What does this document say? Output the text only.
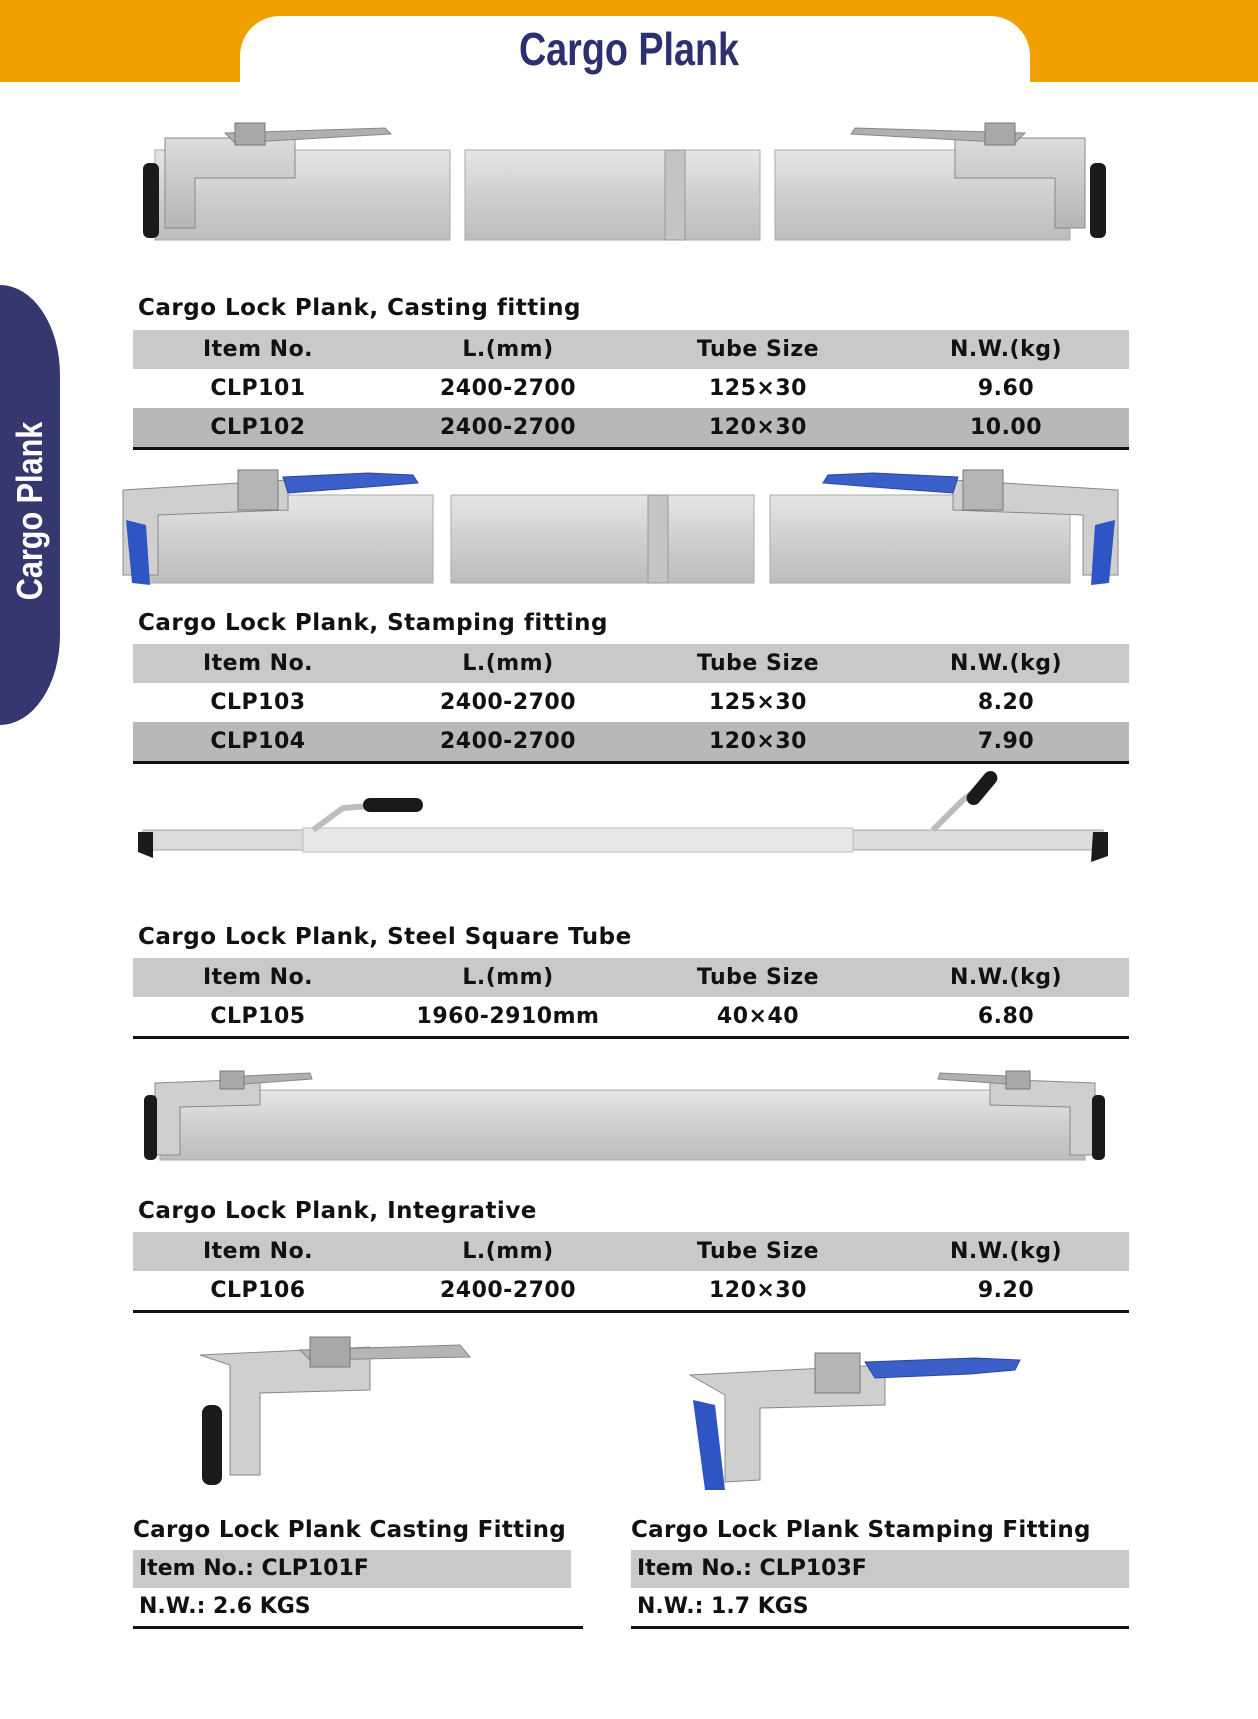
Cargo Plank
Cargo Plank
Cargo Lock Plank, Casting fitting
Item No.	L.(mm)	Tube Size	N.W.(kg)
CLP101	2400-2700	125×30	9.60
CLP102	2400-2700	120×30	10.00
Cargo Lock Plank, Stamping fitting
Item No.	L.(mm)	Tube Size	N.W.(kg)
CLP103	2400-2700	125×30	8.20
CLP104	2400-2700	120×30	7.90
Cargo Lock Plank, Steel Square Tube
Item No.	L.(mm)	Tube Size	N.W.(kg)
CLP105	1960-2910mm	40×40	6.80
Cargo Lock Plank, Integrative
Item No.	L.(mm)	Tube Size	N.W.(kg)
CLP106	2400-2700	120×30	9.20
Cargo Lock Plank Casting Fitting
Item No.: CLP101F
N.W.: 2.6 KGS
Cargo Lock Plank Stamping Fitting
Item No.: CLP103F
N.W.: 1.7 KGS
